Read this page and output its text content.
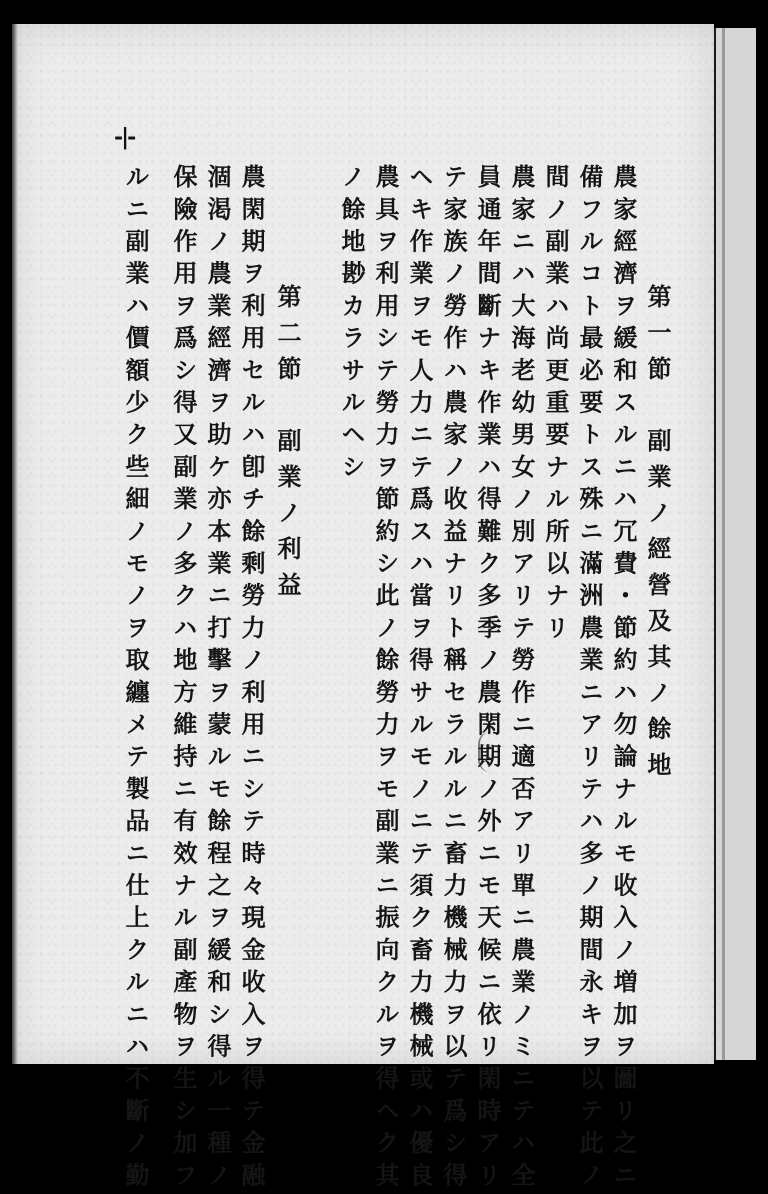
‐|‐
第一節　副業ノ經營及其ノ餘地
農家經濟ヲ緩和スルニハ冗費・節約ハ勿論ナルモ收入ノ増加ヲ圖リ之ニ
備フルコト最必要トス殊ニ滿洲農業ニアリテハ多ノ期間永キヲ以テ此ノ
間ノ副業ハ尚更重要ナル所以ナリ
農家ニハ大海老幼男女ノ別アリテ勞作ニ適否アリ單ニ農業ノミニテハ全
員通年間斷ナキ作業ハ得難ク多季ノ農閑期ノ外ニモ天候ニ依リ閑時アリ
テ家族ノ勞作ハ農家ノ收益ナリト稱セラルルニ畜力機械力ヲ以テ爲シ得
ヘキ作業ヲモ人力ニテ爲スハ當ヲ得サルモノニテ須ク畜力機械或ハ優良
農具ヲ利用シテ勞力ヲ節約シ此ノ餘勞力ヲモ副業ニ振向クルヲ得ヘク其
ノ餘地尠カラサルヘシ
第二節　副業ノ利益
農閑期ヲ利用セルハ卽チ餘剩勞力ノ利用ニシテ時々現金收入ヲ得テ金融
涸渇ノ農業經濟ヲ助ケ亦本業ニ打擊ヲ蒙ルモ餘程之ヲ緩和シ得ル一種ノ
保險作用ヲ爲シ得又副業ノ多クハ地方維持ニ有效ナル副產物ヲ生シ加フ
ルニ副業ハ價額少ク些細ノモノヲ取纏メテ製品ニ仕上クルニハ不斷ノ勤
